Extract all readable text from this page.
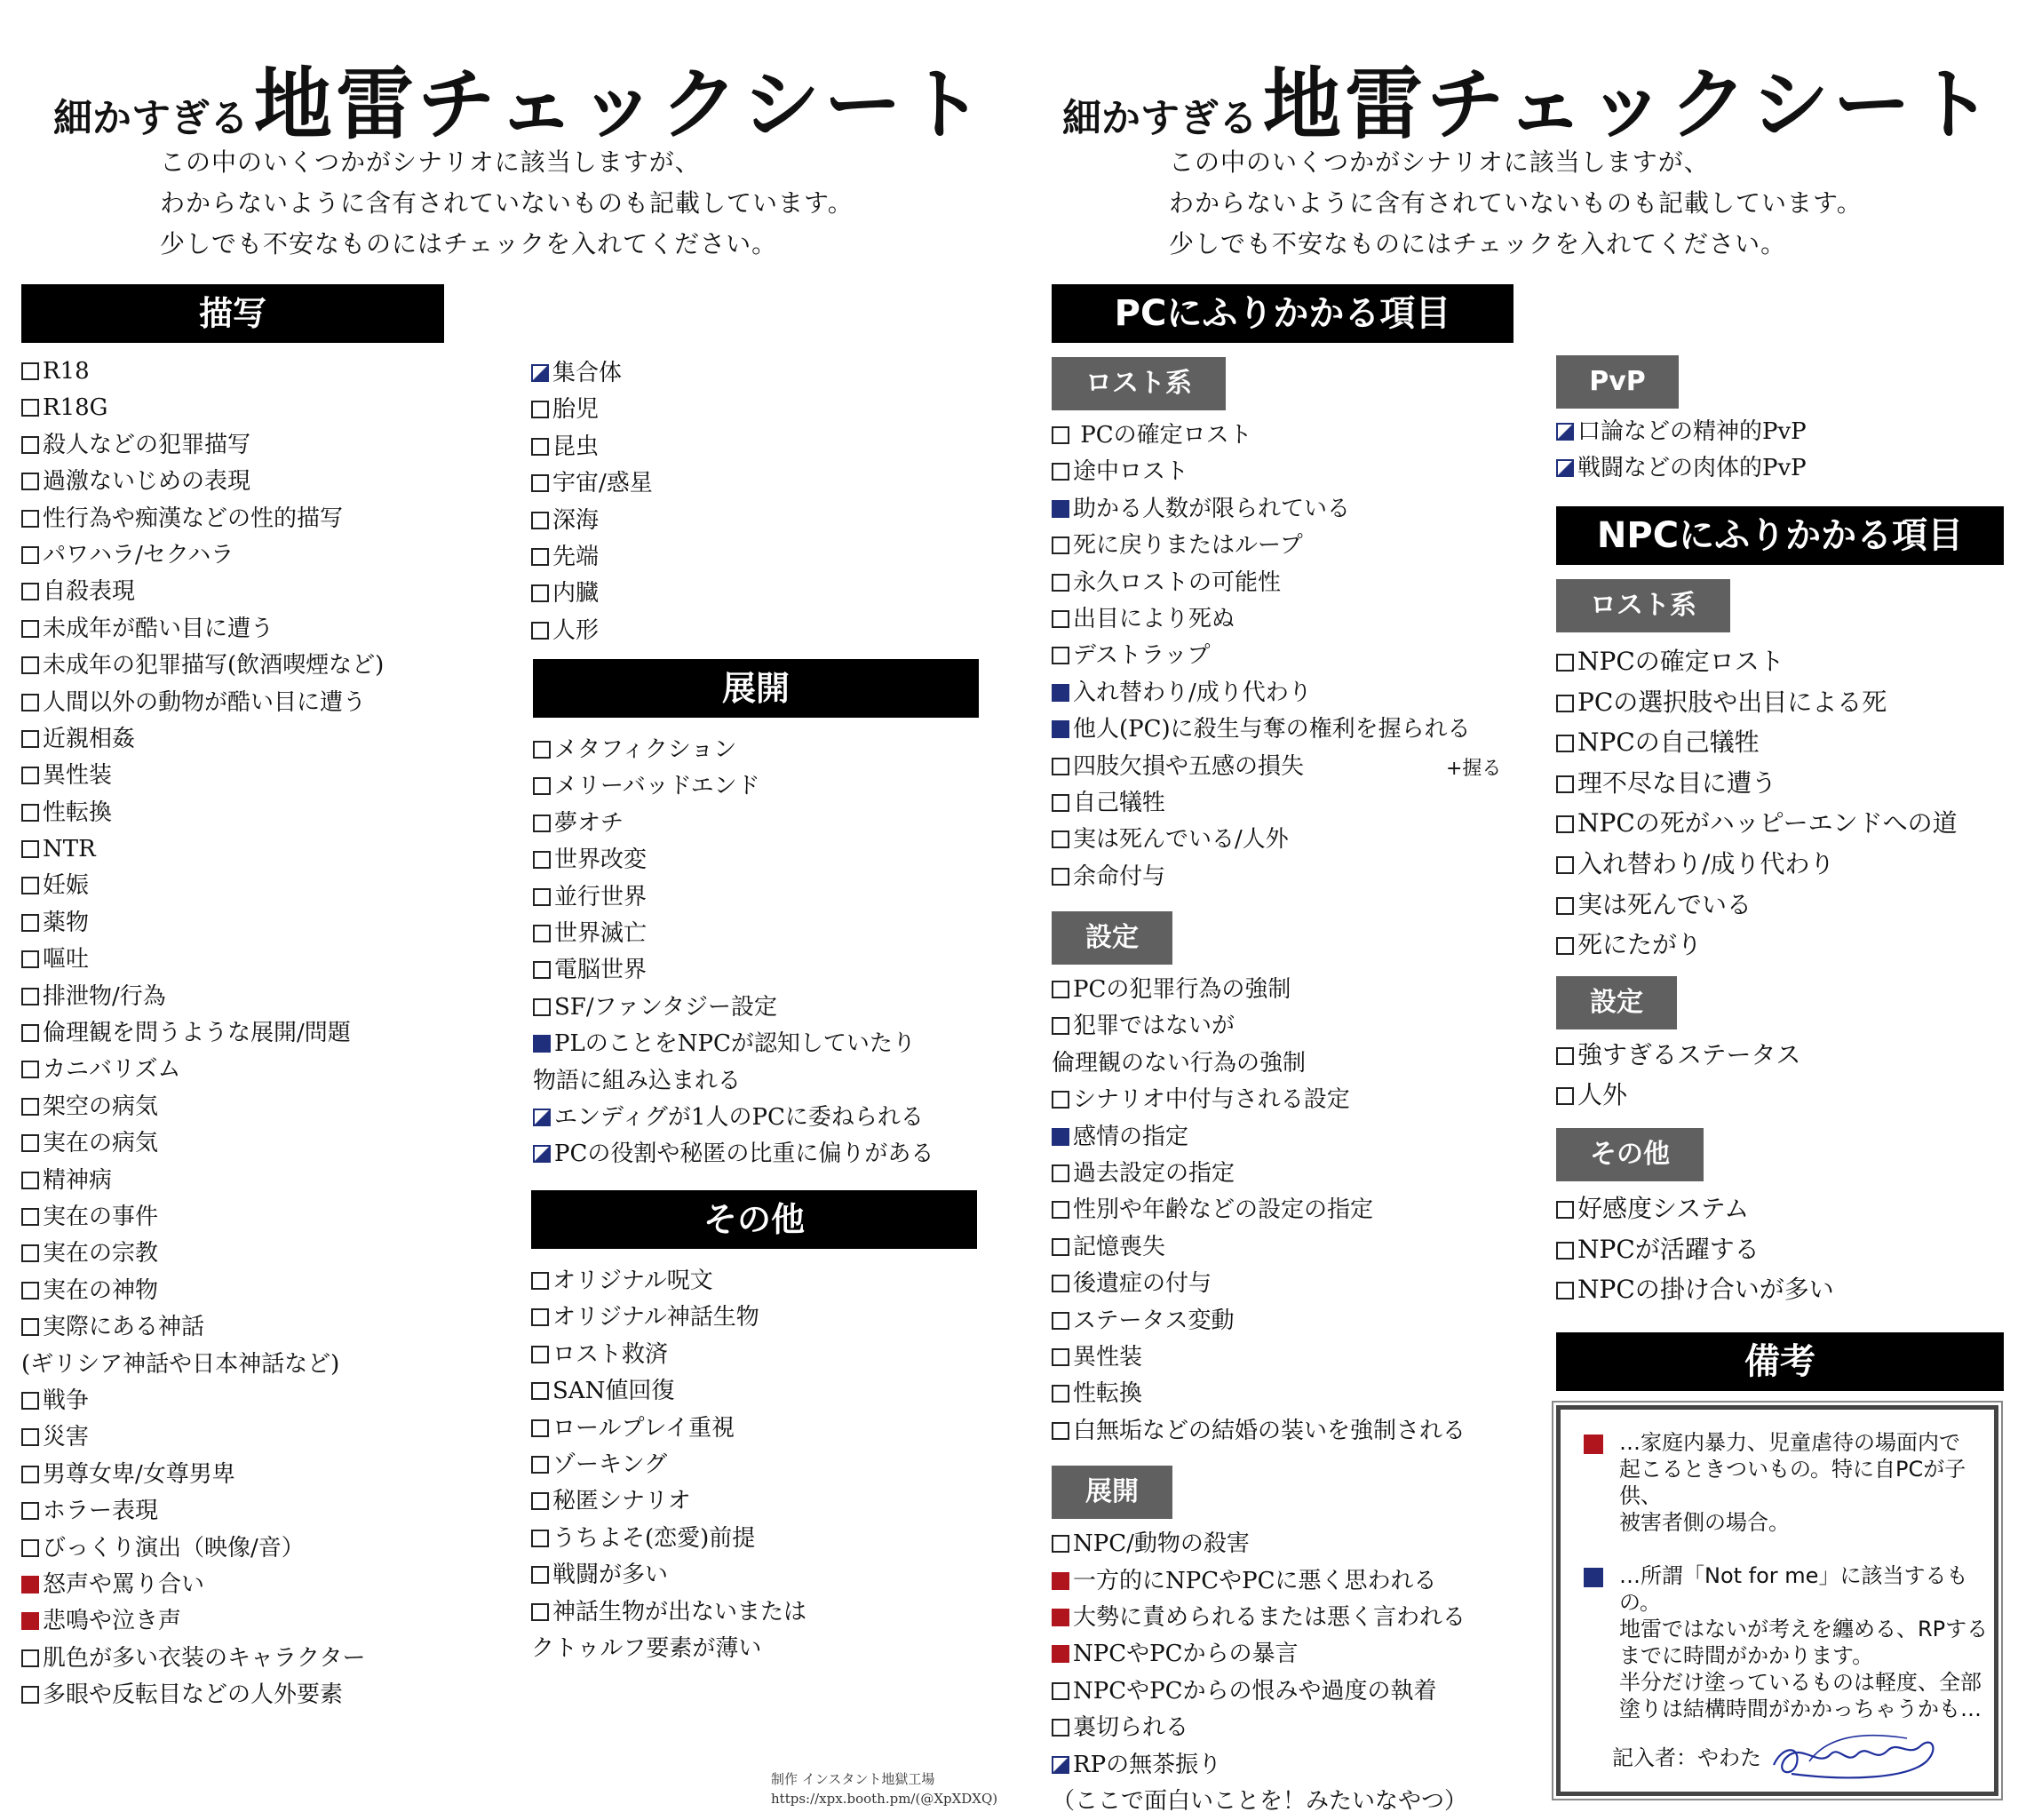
細かすぎる地雷チェックシート
この中のいくつかがシナリオに該当しますが、
わからないように含有されていないものも記載しています。
少しでも不安なものにはチェックを入れてください。
描写
R18
R18G
殺人などの犯罪描写
過激ないじめの表現
性行為や痴漢などの性的描写
パワハラ/セクハラ
自殺表現
未成年が酷い目に遭う
未成年の犯罪描写(飲酒喫煙など)
人間以外の動物が酷い目に遭う
近親相姦
異性装
性転換
NTR
妊娠
薬物
嘔吐
排泄物/行為
倫理観を問うような展開/問題
カニバリズム
架空の病気
実在の病気
精神病
実在の事件
実在の宗教
実在の神物
実際にある神話
(ギリシア神話や日本神話など)
戦争
災害
男尊女卑/女尊男卑
ホラー表現
びっくり演出（映像/音）
怒声や罵り合い
悲鳴や泣き声
肌色が多い衣装のキャラクター
多眼や反転目などの人外要素
集合体
胎児
昆虫
宇宙/惑星
深海
先端
内臓
人形
展開
メタフィクション
メリーバッドエンド
夢オチ
世界改変
並行世界
世界滅亡
電脳世界
SF/ファンタジー設定
PLのことをNPCが認知していたり
物語に組み込まれる
エンディグが1人のPCに委ねられる
PCの役割や秘匿の比重に偏りがある
その他
オリジナル呪文
オリジナル神話生物
ロスト救済
SAN値回復
ロールプレイ重視
ゾーキング
秘匿シナリオ
うちよそ(恋愛)前提
戦闘が多い
神話生物が出ないまたは
クトゥルフ要素が薄い
制作 インスタント地獄工場
https://xpx.booth.pm/(@XpXDXQ)
細かすぎる地雷チェックシート
この中のいくつかがシナリオに該当しますが、
わからないように含有されていないものも記載しています。
少しでも不安なものにはチェックを入れてください。
PCにふりかかる項目
ロスト系
PCの確定ロスト
途中ロスト
助かる人数が限られている
死に戻りまたはループ
永久ロストの可能性
出目により死ぬ
デストラップ
入れ替わり/成り代わり
他人(PC)に殺生与奪の権利を握られる
四肢欠損や五感の損失
自己犠牲
実は死んでいる/人外
余命付与
設定
PCの犯罪行為の強制
犯罪ではないが
倫理観のない行為の強制
シナリオ中付与される設定
感情の指定
過去設定の指定
性別や年齢などの設定の指定
記憶喪失
後遺症の付与
ステータス変動
異性装
性転換
白無垢などの結婚の装いを強制される
展開
NPC/動物の殺害
一方的にNPCやPCに悪く思われる
大勢に責められるまたは悪く言われる
NPCやPCからの暴言
NPCやPCからの恨みや過度の執着
裏切られる
RPの無茶振り
（ここで面白いことを！みたいなやつ）
+握る
PvP
口論などの精神的PvP
戦闘などの肉体的PvP
NPCにふりかかる項目
ロスト系
NPCの確定ロスト
PCの選択肢や出目による死
NPCの自己犠牲
理不尽な目に遭う
NPCの死がハッピーエンドへの道
入れ替わり/成り代わり
実は死んでいる
死にたがり
設定
強すぎるステータス
人外
その他
好感度システム
NPCが活躍する
NPCの掛け合いが多い
備考
…家庭内暴力、児童虐待の場面内で
起こるときついもの。特に自PCが子供、
被害者側の場合。
…所謂「Not for me」に該当するもの。
地雷ではないが考えを纏める、RPする
までに時間がかかります。
半分だけ塗っているものは軽度、全部
塗りは結構時間がかかっちゃうかも…
記入者：やわた
